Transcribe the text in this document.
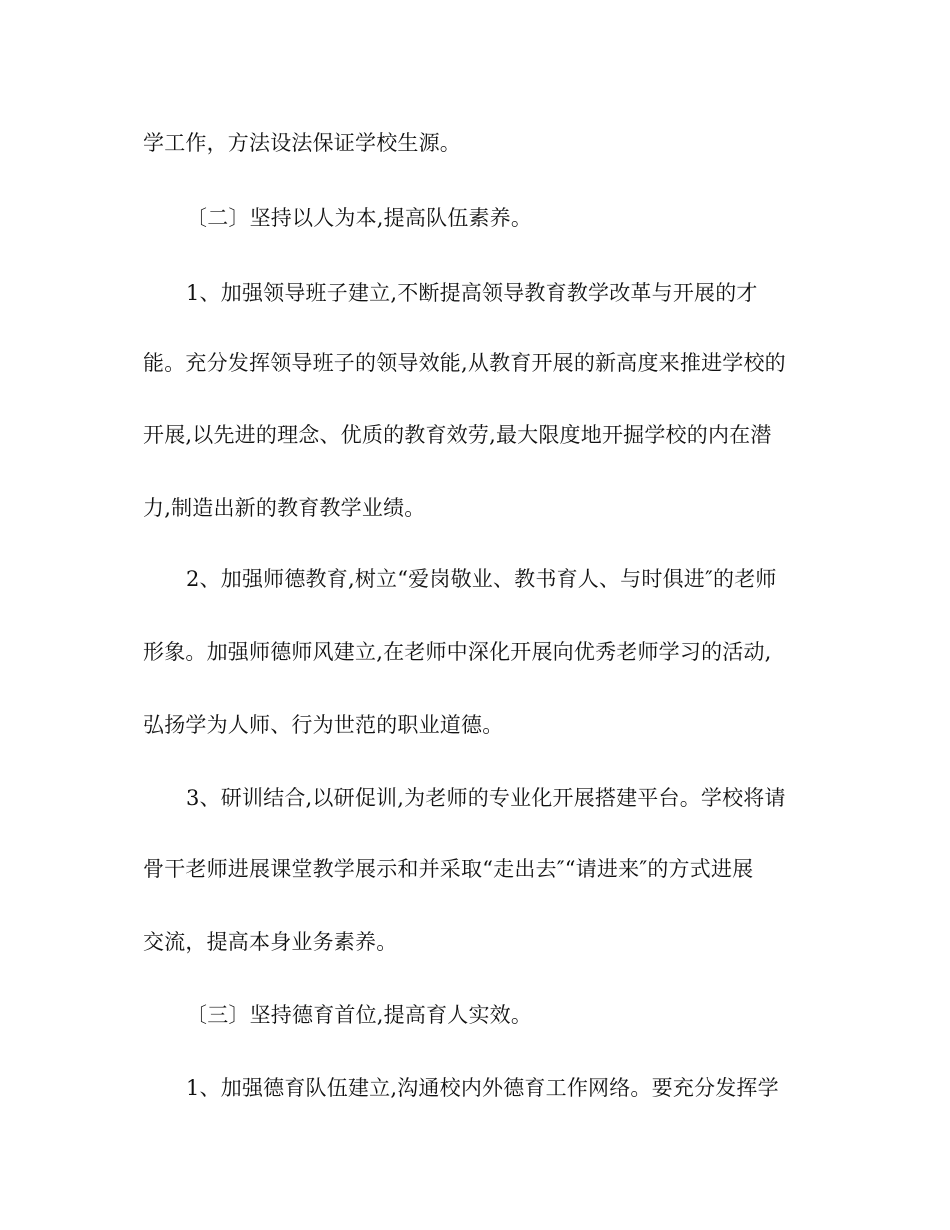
学工作，方法设法保证学校生源。
〔二〕坚持以人为本,提高队伍素养。
1、加强领导班子建立,不断提高领导教育教学改革与开展的才
能。充分发挥领导班子的领导效能,从教育开展的新高度来推进学校的
开展,以先进的理念、优质的教育效劳,最大限度地开掘学校的内在潜
力,制造出新的教育教学业绩。
2、加强师德教育,树立“爱岗敬业、教书育人、与时俱进″的老师
形象。加强师德师风建立,在老师中深化开展向优秀老师学习的活动,
弘扬学为人师、行为世范的职业道德。
3、研训结合,以研促训,为老师的专业化开展搭建平台。学校将请
骨干老师进展课堂教学展示和并采取“走出去″“请进来″的方式进展
交流，提高本身业务素养。
〔三〕坚持德育首位,提高育人实效。
1、加强德育队伍建立,沟通校内外德育工作网络。要充分发挥学
